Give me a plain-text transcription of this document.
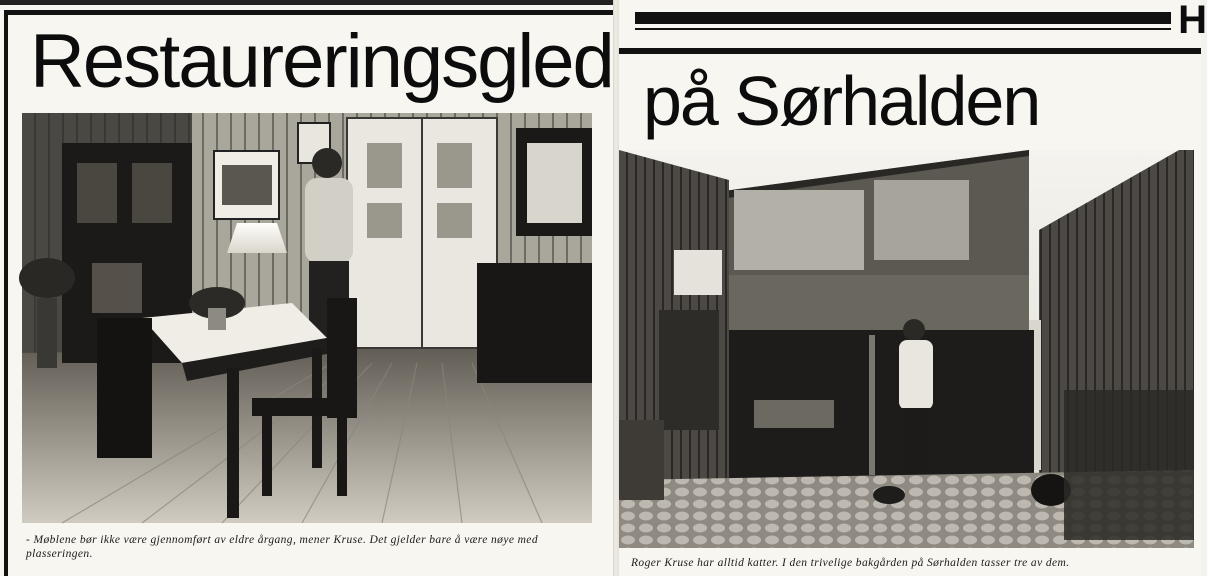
Restaureringsgled

- Møblene bør ikke være gjennomført av eldre årgang, mener Kruse. Det gjelder bare å være nøye med plasseringen.

H
på Sørhalden

Roger Kruse har alltid katter. I den trivelige bakgården på Sørhalden tasser tre av dem.
